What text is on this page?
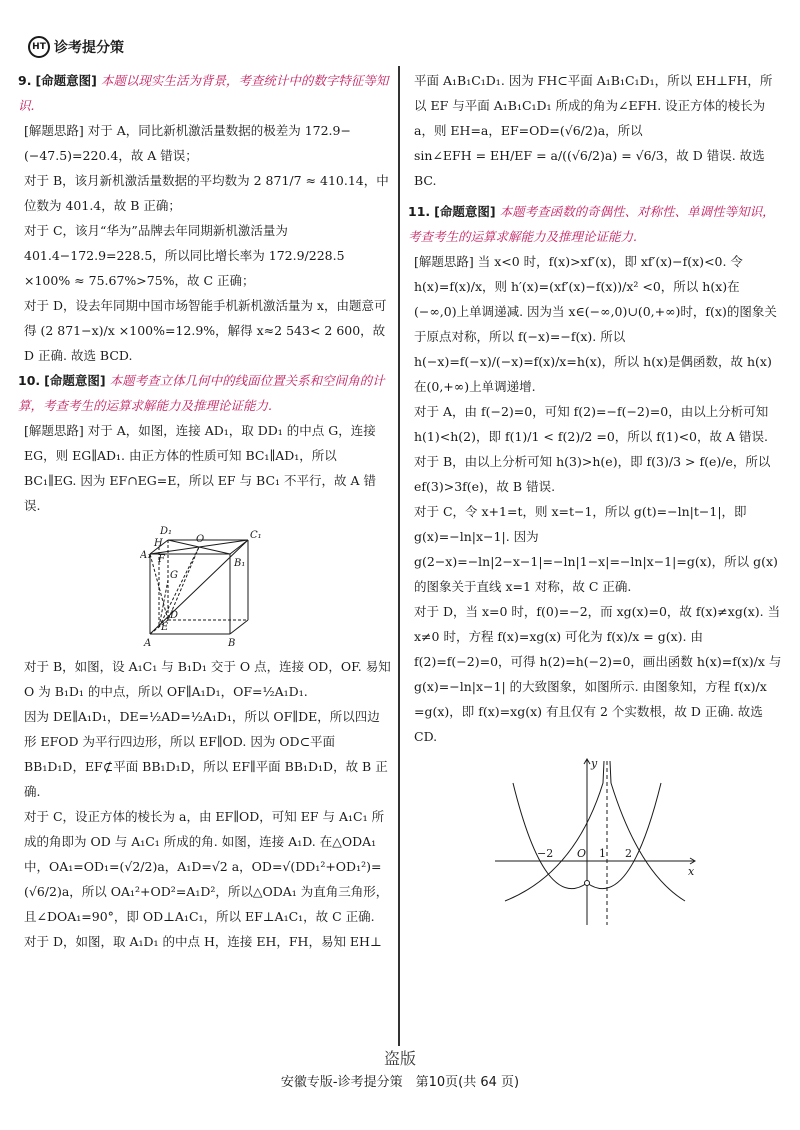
HT 诊考提分策

9. [命题意图] 本题以现实生活为背景，考查统计中的数字特征等知识.

[解题思路] 对于 A，同比新机激活量数据的极差为 172.9−(−47.5)=220.4，故 A 错误；

对于 B，该月新机激活量数据的平均数为 2 871/7 ≈ 410.14，中位数为 401.4，故 B 正确；

对于 C，该月“华为”品牌去年同期新机激活量为 401.4−172.9=228.5，所以同比增长率为 172.9/228.5 ×100% ≈ 75.67%>75%，故 C 正确；

对于 D，设去年同期中国市场智能手机新机激活量为 x，由题意可得 (2 871−x)/x ×100%=12.9%，解得 x≈2 543< 2 600，故 D 正确. 故选 BCD.

10. [命题意图] 本题考查立体几何中的线面位置关系和空间角的计算，考查考生的运算求解能力及推理论证能力.

[解题思路] 对于 A，如图，连接 AD₁，取 DD₁ 的中点 G，连接 EG，则 EG∥AD₁. 由正方体的性质可知 BC₁∥AD₁，所以 BC₁∥EG. 因为 EF∩EG=E，所以 EF 与 BC₁ 不平行，故 A 错误.

D₁	C₁
A₁
B₁
H	O
G
F
D
E
A	B

对于 B，如图，设 A₁C₁ 与 B₁D₁ 交于 O 点，连接 OD，OF. 易知 O 为 B₁D₁ 的中点，所以 OF∥A₁D₁，OF=½A₁D₁.

因为 DE∥A₁D₁，DE=½AD=½A₁D₁，所以 OF∥DE，所以四边形 EFOD 为平行四边形，所以 EF∥OD. 因为 OD⊂平面 BB₁D₁D，EF⊄平面 BB₁D₁D，所以 EF∥平面 BB₁D₁D，故 B 正确.

对于 C，设正方体的棱长为 a，由 EF∥OD，可知 EF 与 A₁C₁ 所成的角即为 OD 与 A₁C₁ 所成的角. 如图，连接 A₁D. 在△ODA₁ 中，OA₁=OD₁=(√2/2)a，A₁D=√2 a，OD=√(DD₁²+OD₁²)=(√6/2)a，所以 OA₁²+OD²=A₁D²，所以△ODA₁ 为直角三角形，且∠DOA₁=90°，即 OD⊥A₁C₁，所以 EF⊥A₁C₁，故 C 正确.

对于 D，如图，取 A₁D₁ 的中点 H，连接 EH，FH，易知 EH⊥

平面 A₁B₁C₁D₁. 因为 FH⊂平面 A₁B₁C₁D₁，所以 EH⊥FH，所以 EF 与平面 A₁B₁C₁D₁ 所成的角为∠EFH. 设正方体的棱长为 a，则 EH=a，EF=OD=(√6/2)a，所以

sin∠EFH = EH/EF = a/((√6/2)a) = √6/3，故 D 错误. 故选 BC.

11. [命题意图] 本题考查函数的奇偶性、对称性、单调性等知识，考查考生的运算求解能力及推理论证能力.

[解题思路] 当 x<0 时，f(x)>xf′(x)，即 xf′(x)−f(x)<0. 令 h(x)=f(x)/x，则 h′(x)=(xf′(x)−f(x))/x² <0，所以 h(x)在(−∞,0)上单调递减. 因为当 x∈(−∞,0)∪(0,+∞)时，f(x)的图象关于原点对称，所以 f(−x)=−f(x). 所以 h(−x)=f(−x)/(−x)=f(x)/x=h(x)，所以 h(x)是偶函数，故 h(x)在(0,+∞)上单调递增.

对于 A，由 f(−2)=0，可知 f(2)=−f(−2)=0，由以上分析可知 h(1)<h(2)，即 f(1)/1 < f(2)/2 =0，所以 f(1)<0，故 A 错误.

对于 B，由以上分析可知 h(3)>h(e)，即 f(3)/3 > f(e)/e，所以 ef(3)>3f(e)，故 B 错误.

对于 C，令 x+1=t，则 x=t−1，所以 g(t)=−ln|t−1|，即 g(x)=−ln|x−1|. 因为 g(2−x)=−ln|2−x−1|=−ln|1−x|=−ln|x−1|=g(x)，所以 g(x)的图象关于直线 x=1 对称，故 C 正确.

对于 D，当 x=0 时，f(0)=−2，而 xg(x)=0，故 f(x)≠xg(x). 当 x≠0 时，方程 f(x)=xg(x) 可化为 f(x)/x = g(x). 由 f(2)=f(−2)=0，可得 h(2)=h(−2)=0，画出函数 h(x)=f(x)/x 与 g(x)=−ln|x−1| 的大致图象，如图所示. 由图象知，方程 f(x)/x =g(x)，即 f(x)=xg(x) 有且仅有 2 个实数根，故 D 正确. 故选 CD.

y
x
O
−2	1 2
盗版
安徽专版-诊考提分策　第10页(共 64 页)
